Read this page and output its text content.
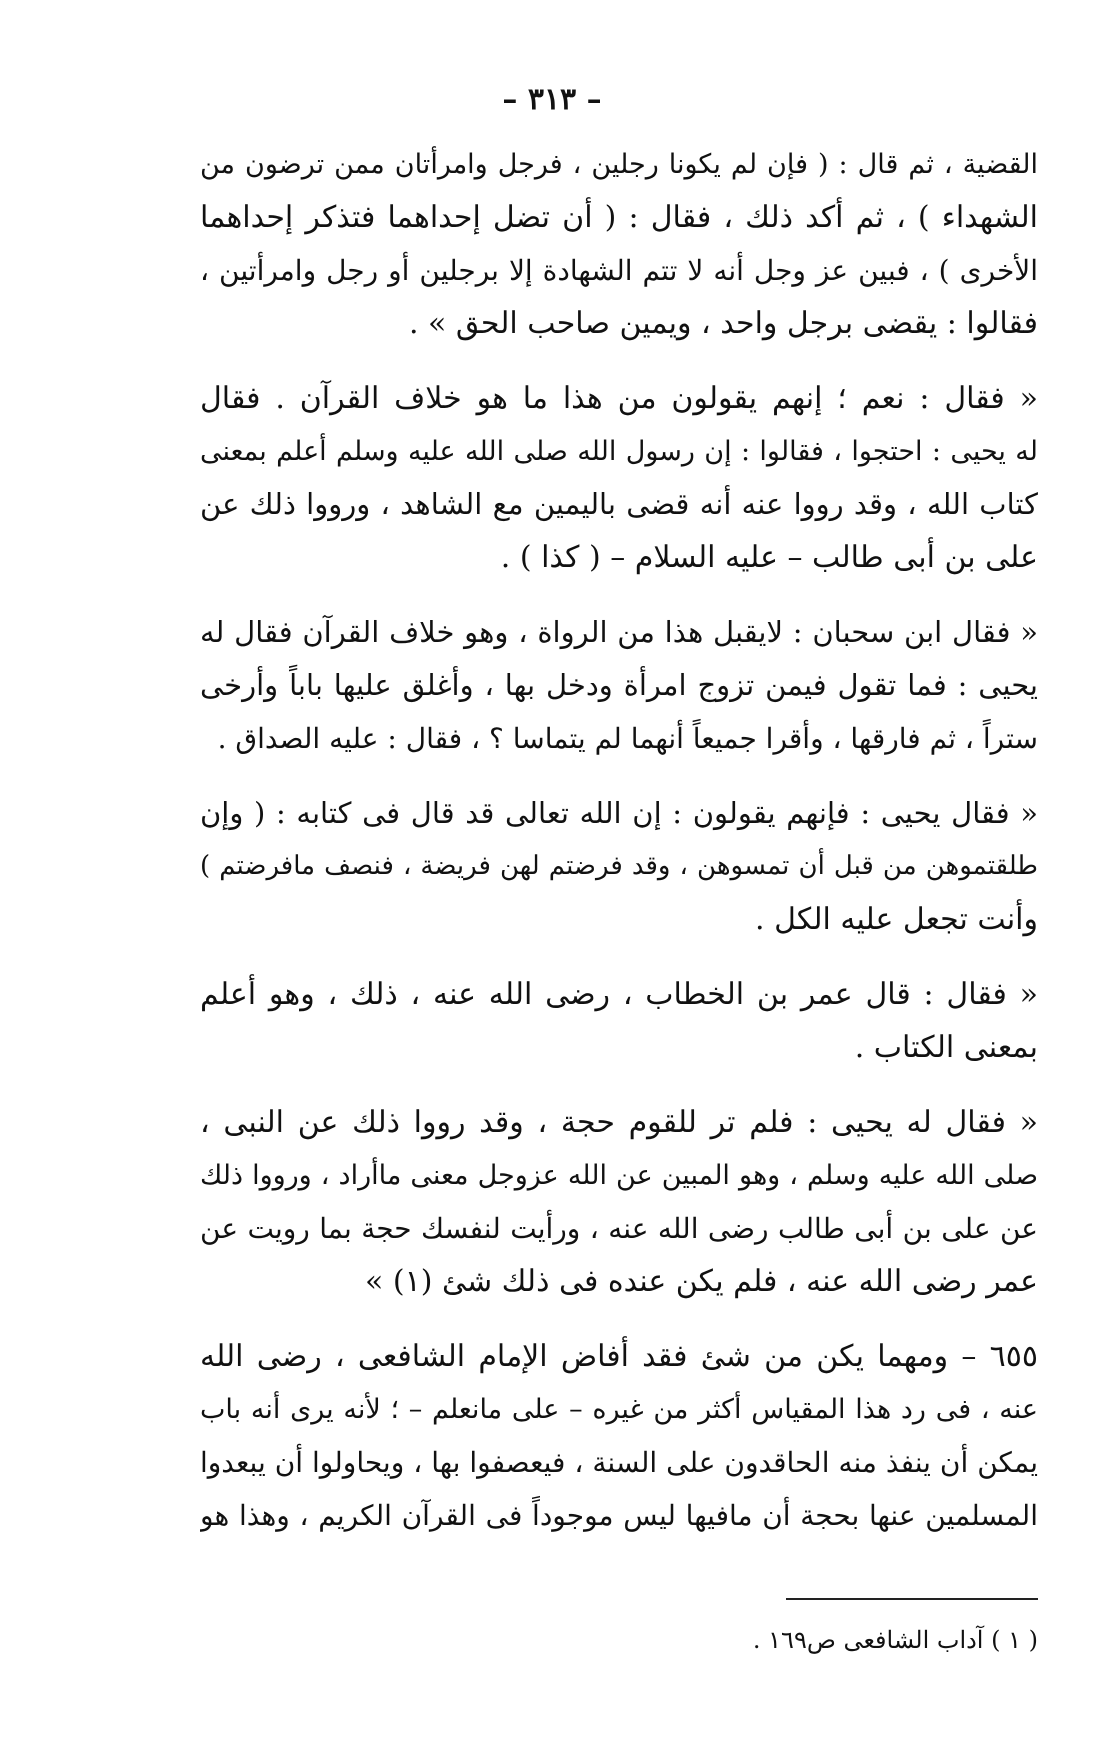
– ٣١٣ –
القضية ، ثم قال : ( فإن لم يكونا رجلين ، فرجل وامرأتان ممن ترضون من
الشهداء ) ، ثم أكد ذلك ، فقال : ( أن تضل إحداهما فتذكر إحداهما
الأخرى ) ، فبين عز وجل أنه لا تتم الشهادة إلا برجلين أو رجل وامرأتين ،
فقالوا : يقضى برجل واحد ، ويمين صاحب الحق » .
« فقال : نعم ؛ إنهم يقولون من هذا ما هو خلاف القرآن . فقال
له يحيى : احتجوا ، فقالوا : إن رسول الله صلى الله عليه وسلم أعلم بمعنى
كتاب الله ، وقد رووا عنه أنه قضى باليمين مع الشاهد ، ورووا ذلك عن
على بن أبى طالب – عليه السلام – ( كذا ) .
« فقال ابن سحبان : لايقبل هذا من الرواة ، وهو خلاف القرآن فقال له
يحيى : فما تقول فيمن تزوج امرأة ودخل بها ، وأغلق عليها باباً وأرخى
ستراً ، ثم فارقها ، وأقرا جميعاً أنهما لم يتماسا ؟ ، فقال : عليه الصداق .
« فقال يحيى : فإنهم يقولون : إن الله تعالى قد قال فى كتابه : ( وإن
طلقتموهن من قبل أن تمسوهن ، وقد فرضتم لهن فريضة ، فنصف مافرضتم )
وأنت تجعل عليه الكل .
« فقال : قال عمر بن الخطاب ، رضى الله عنه ، ذلك ، وهو أعلم
بمعنى الكتاب .
« فقال له يحيى : فلم تر للقوم حجة ، وقد رووا ذلك عن النبى ،
صلى الله عليه وسلم ، وهو المبين عن الله عزوجل معنى ماأراد ، ورووا ذلك
عن على بن أبى طالب رضى الله عنه ، ورأيت لنفسك حجة بما رويت عن
عمر رضى الله عنه ، فلم يكن عنده فى ذلك شئ (١) »
٦٥٥ – ومهما يكن من شئ فقد أفاض الإمام الشافعى ، رضى الله
عنه ، فى رد هذا المقياس أكثر من غيره – على مانعلم – ؛ لأنه يرى أنه باب
يمكن أن ينفذ منه الحاقدون على السنة ، فيعصفوا بها ، ويحاولوا أن يبعدوا
المسلمين عنها بحجة أن مافيها ليس موجوداً فى القرآن الكريم ، وهذا هو
( ١ ) آداب الشافعى ص١٦٩ .
